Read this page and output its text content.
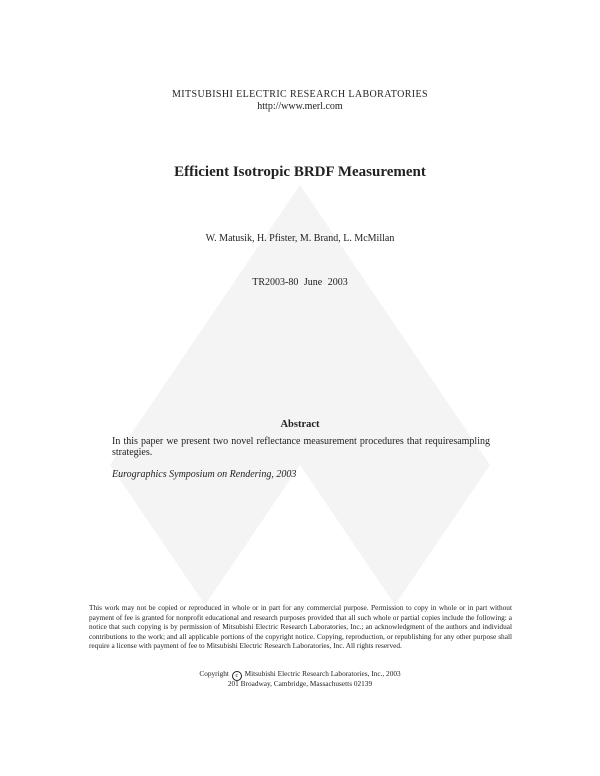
MITSUBISHI ELECTRIC RESEARCH LABORATORIES
http://www.merl.com
Efficient Isotropic BRDF Measurement
W. Matusik, H. Pfister, M. Brand, L. McMillan
TR2003-80 June 2003
Abstract
In this paper we present two novel reflectance measurement procedures that requiresampling strategies.
Eurographics Symposium on Rendering, 2003
This work may not be copied or reproduced in whole or in part for any commercial purpose. Permission to copy in whole or in part without payment of fee is granted for nonprofit educational and research purposes provided that all such whole or partial copies include the following: a notice that such copying is by permission of Mitsubishi Electric Research Laboratories, Inc.; an acknowledgment of the authors and individual contributions to the work; and all applicable portions of the copyright notice. Copying, reproduction, or republishing for any other purpose shall require a license with payment of fee to Mitsubishi Electric Research Laboratories, Inc. All rights reserved.
Copyright c Mitsubishi Electric Research Laboratories, Inc., 2003
201 Broadway, Cambridge, Massachusetts 02139
